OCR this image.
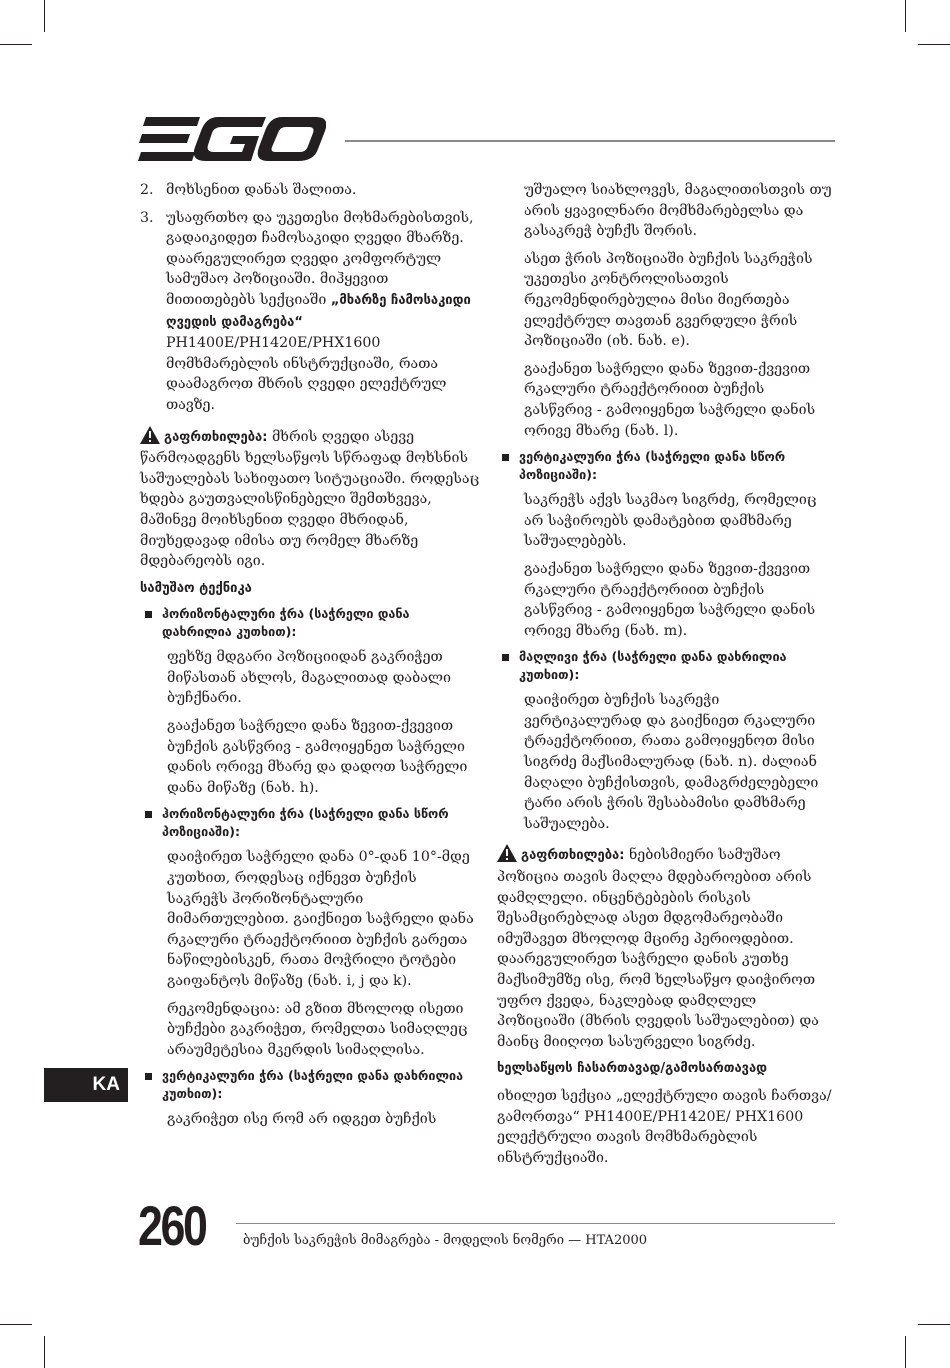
2. მოხსენით დანას შალითა.
3. უსაფრთხო და უკეთესი მოხმარებისთვის, გადაიკიდეთ ჩამოსაკიდი ღვედი მხარზე. დაარეგულირეთ ღვედი კომფორტულ სამუშაო პოზიციაში. მიჰყევით მითითებებს სექციაში „მხარზე ჩამოსაკიდი ღვედის დამაგრება“ PH1400E/PH1420E/PHX1600 მომხმარებლის ინსტრუქციაში, რათა დაამაგროთ მხრის ღვედი ელექტრულ თავზე.

გაფრთხილება: მხრის ღვედი ასევე წარმოადგენს ხელსაწყოს სწრაფად მოხსნის საშუალებას სახიფათო სიტუაციაში. როდესაც ხდება გაუთვალისწინებელი შემთხვევა, მაშინვე მოიხსენით ღვედი მხრიდან, მიუხედავად იმისა თუ რომელ მხარზე მდებარეობს იგი.

სამუშაო ტექნიკა
ჰორიზონტალური ჭრა (საჭრელი დანა დახრილია კუთხით):

ფეხზე მდგარი პოზიციიდან გაკრიჭეთ მიწასთან ახლოს, მაგალითად დაბალი ბუჩქნარი.

გააქანეთ საჭრელი დანა ზევით-ქვევით ბუჩქის გასწვრივ - გამოიყენეთ საჭრელი დანის ორივე მხარე და დადოთ საჭრელი დანა მიწაზე (ნახ. h).

ჰორიზონტალური ჭრა (საჭრელი დანა სწორ პოზიციაში):

დაიჭირეთ საჭრელი დანა 0°-დან 10°-მდე კუთხით, როდესაც იქნევთ ბუჩქის საკრეჭს ჰორიზონტალური მიმართულებით. გაიქნიეთ საჭრელი დანა რკალური ტრაექტორიით ბუჩქის გარეთა ნაწილებისკენ, რათა მოჭრილი ტოტები გაიფანტოს მიწაზე (ნახ. i, j და k).

რეკომენდაცია: ამ გზით მხოლოდ ისეთი ბუჩქები გაკრიჭეთ, რომელთა სიმაღლეც არაუმეტესია მკერდის სიმაღლისა.

ვერტიკალური ჭრა (საჭრელი დანა დახრილია კუთხით):

გაკრიჭეთ ისე რომ არ იდგეთ ბუჩქის

უშუალო სიახლოვეს, მაგალითისთვის თუ არის ყვავილნარი მომხმარებელსა და გასაკრეჭ ბუჩქს შორის.

ასეთ ჭრის პოზიციაში ბუჩქის საკრეჭის უკეთესი კონტროლისათვის რეკომენდირებულია მისი მიერთება ელექტრულ თავთან გვერდული ჭრის პოზიციაში (იხ. ნახ. e).

გააქანეთ საჭრელი დანა ზევით-ქვევით რკალური ტრაექტორიით ბუჩქის გასწვრივ - გამოიყენეთ საჭრელი დანის ორივე მხარე (ნახ. l).

ვერტიკალური ჭრა (საჭრელი დანა სწორ პოზიციაში):

საკრეჭს აქვს საკმაო სიგრძე, რომელიც არ საჭიროებს დამატებით დამხმარე საშუალებებს.

გააქანეთ საჭრელი დანა ზევით-ქვევით რკალური ტრაექტორიით ბუჩქის გასწვრივ - გამოიყენეთ საჭრელი დანის ორივე მხარე (ნახ. m).

მაღლივი ჭრა (საჭრელი დანა დახრილია კუთხით):

დაიჭირეთ ბუჩქის საკრეჭი ვერტიკალურად და გაიქნიეთ რკალური ტრაექტორიით, რათა გამოიყენოთ მისი სიგრძე მაქსიმალურად (ნახ. n). ძალიან მაღალი ბუჩქისთვის, დამაგრძელებელი ტარი არის ჭრის შესაბამისი დამხმარე საშუალება.

გაფრთხილება: ნებისმიერი სამუშაო პოზიცია თავის მაღლა მდებაროებით არის დამღლელი. ინცენტებების რისკის შესამცირებლად ასეთ მდგომარეობაში იმუშავეთ მხოლოდ მცირე პერიოდებით. დაარეგულირეთ საჭრელი დანის კუთხე მაქსიმუმზე ისე, რომ ხელსაწყო დაიჭიროთ უფრო ქვედა, ნაკლებად დამღლელ პოზიციაში (მხრის ღვედის საშუალებით) და მაინც მიიღოთ სასურველი სიგრძე.

ხელსაწყოს ჩასართავად/გამოსართავად

იხილეთ სექცია „ელექტრული თავის ჩართვა/გამორთვა“ PH1400E/PH1420E/ PHX1600 ელექტრული თავის მომხმარებლის ინსტრუქციაში.

KA
260	ბუჩქის საკრეჭის მიმაგრება - მოდელის ნომერი — HTA2000
